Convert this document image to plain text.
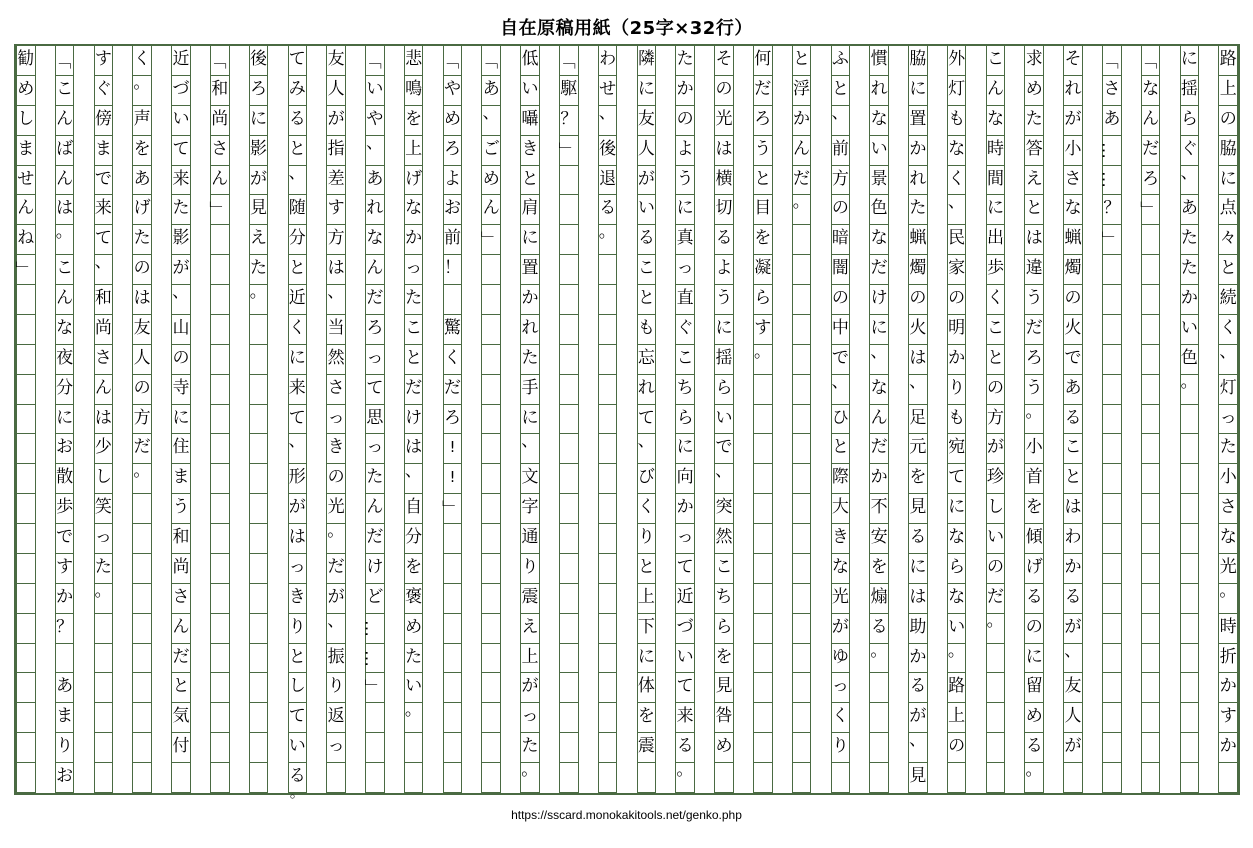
自在原稿用紙（25字×32行）
路
上
の
脇
に
点
々
と
続
く
、
灯
っ
た
小
さ
な
光
。
時
折
か
す
か
に
揺
ら
ぐ
、
あ
た
た
か
い
色
。
「
な
ん
だ
ろ
」
「
さ
あ
…
…
？
」
そ
れ
が
小
さ
な
蝋
燭
の
火
で
あ
る
こ
と
は
わ
か
る
が
、
友
人
が
求
め
た
答
え
と
は
違
う
だ
ろ
う
。
小
首
を
傾
げ
る
の
に
留
め
る
。
こ
ん
な
時
間
に
出
歩
く
こ
と
の
方
が
珍
し
い
の
だ
。
外
灯
も
な
く
、
民
家
の
明
か
り
も
宛
て
に
な
ら
な
い
。
路
上
の
脇
に
置
か
れ
た
蝋
燭
の
火
は
、
足
元
を
見
る
に
は
助
か
る
が
、
見
慣
れ
な
い
景
色
な
だ
け
に
、
な
ん
だ
か
不
安
を
煽
る
。
ふ
と
、
前
方
の
暗
闇
の
中
で
、
ひ
と
際
大
き
な
光
が
ゆ
っ
く
り
と
浮
か
ん
だ
。
何
だ
ろ
う
と
目
を
凝
ら
す
。
そ
の
光
は
横
切
る
よ
う
に
揺
ら
い
で
、
突
然
こ
ち
ら
を
見
咎
め
た
か
の
よ
う
に
真
っ
直
ぐ
こ
ち
ら
に
向
か
っ
て
近
づ
い
て
来
る
。
隣
に
友
人
が
い
る
こ
と
も
忘
れ
て
、
び
く
り
と
上
下
に
体
を
震
わ
せ
、
後
退
る
。
「
駆
？
」
低
い
囁
き
と
肩
に
置
か
れ
た
手
に
、
文
字
通
り
震
え
上
が
っ
た
。
「
あ
、
ご
め
ん
」
「
や
め
ろ
よ
お
前
！

驚
く
だ
ろ
!
!
」
悲
鳴
を
上
げ
な
か
っ
た
こ
と
だ
け
は
、
自
分
を
褒
め
た
い
。
「
い
や
、
あ
れ
な
ん
だ
ろ
っ
て
思
っ
た
ん
だ
け
ど
…
…
」
友
人
が
指
差
す
方
は
、
当
然
さ
っ
き
の
光
。
だ
が
、
振
り
返
っ
て
み
る
と
、
随
分
と
近
く
に
来
て
、
形
が
は
っ
き
り
と
し
て
い
。
る
後
ろ
に
影
が
見
え
た
。
「
和
尚
さ
ん
」
近
づ
い
て
来
た
影
が
、
山
の
寺
に
住
ま
う
和
尚
さ
ん
だ
と
気
付
く
。
声
を
あ
げ
た
の
は
友
人
の
方
だ
。
す
ぐ
傍
ま
で
来
て
、
和
尚
さ
ん
は
少
し
笑
っ
た
。
「
こ
ん
ば
ん
は
。
こ
ん
な
夜
分
に
お
散
歩
で
す
か
？

あ
ま
り
お
勧
め
し
ま
せ
ん
ね
」
https://sscard.monokakitools.net/genko.php
